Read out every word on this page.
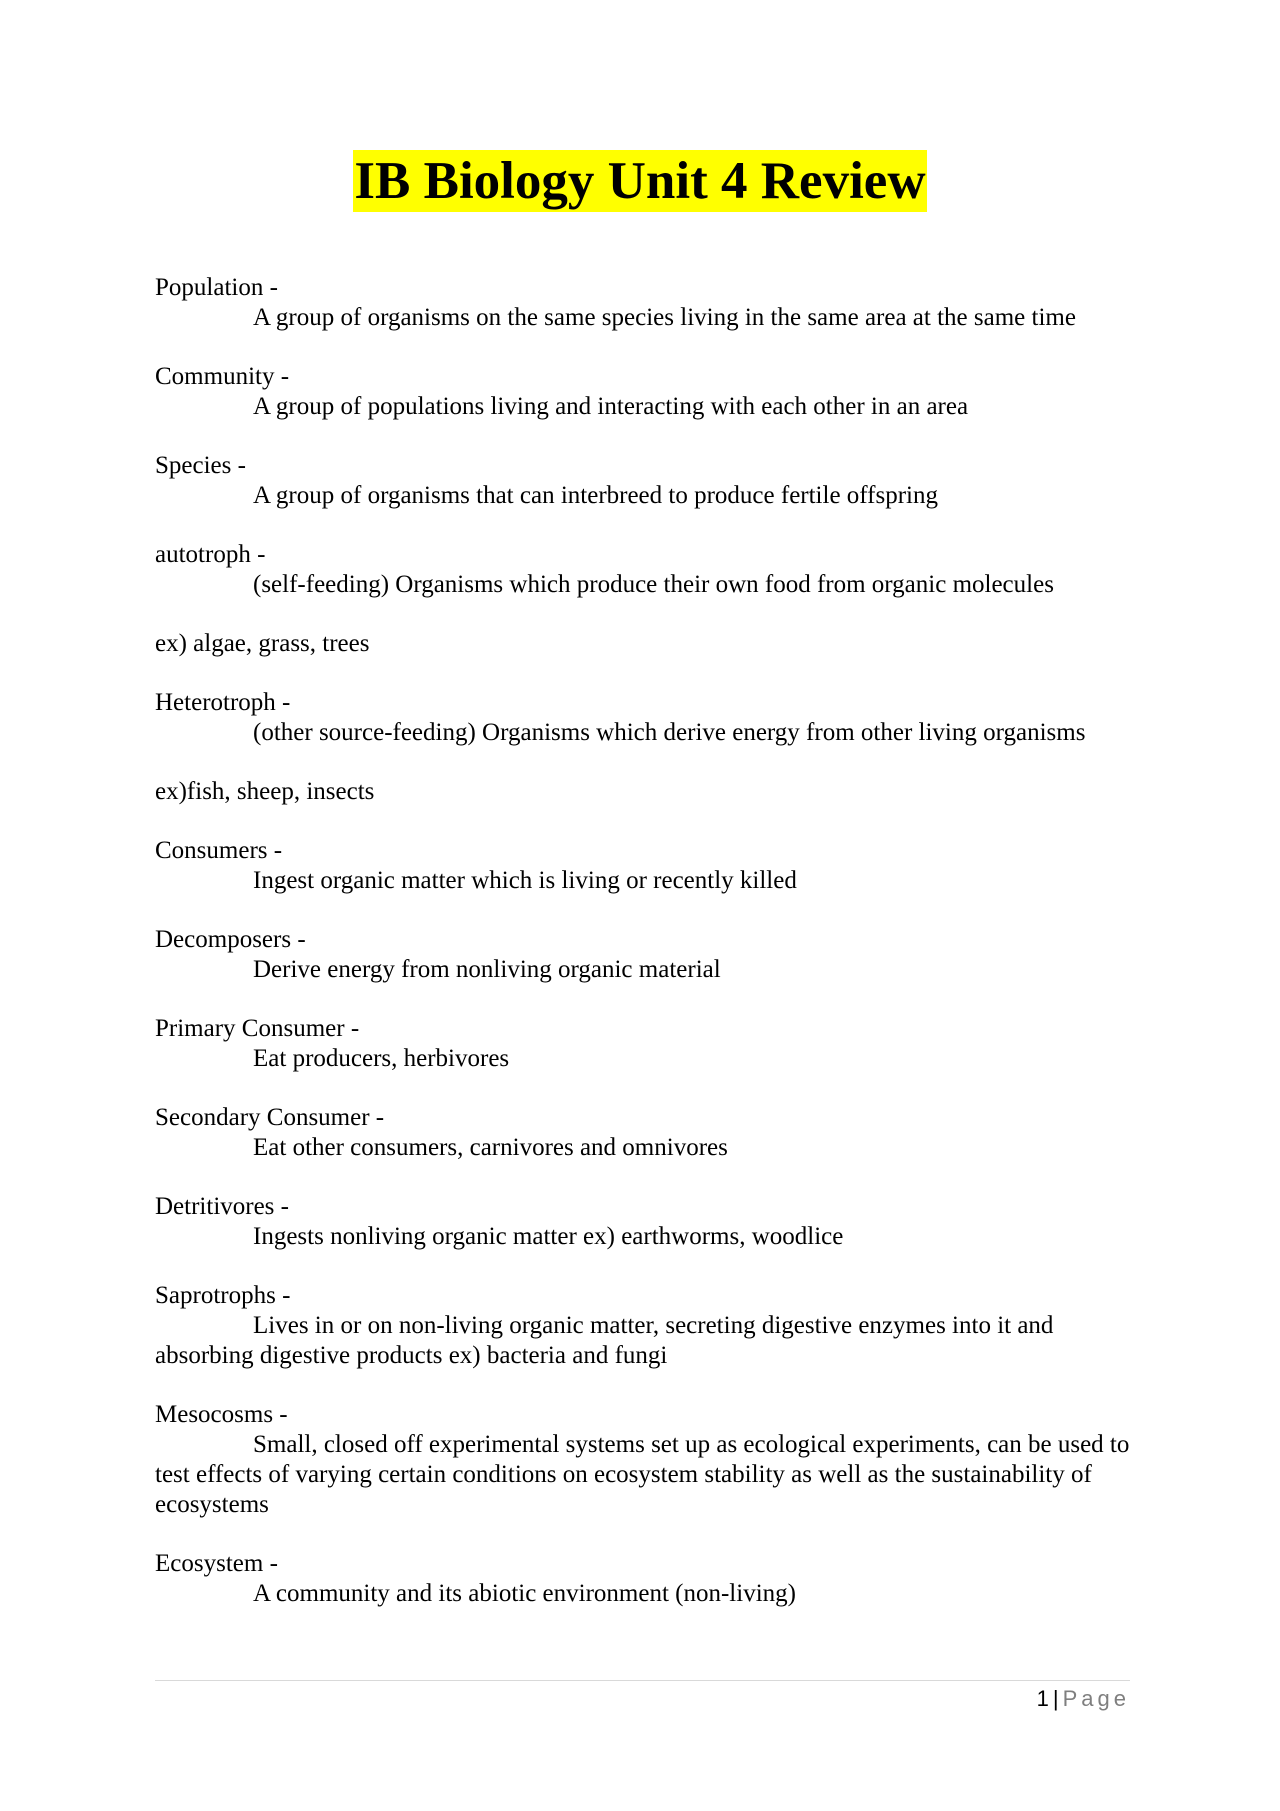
IB Biology Unit 4 Review
Population -
A group of organisms on the same species living in the same area at the same time
Community -
A group of populations living and interacting with each other in an area
Species -
A group of organisms that can interbreed to produce fertile offspring
autotroph -
(self-feeding) Organisms which produce their own food from organic molecules
ex) algae, grass, trees
Heterotroph -
(other source-feeding) Organisms which derive energy from other living organisms
ex)fish, sheep, insects
Consumers -
Ingest organic matter which is living or recently killed
Decomposers -
Derive energy from nonliving organic material
Primary Consumer -
Eat producers, herbivores
Secondary Consumer -
Eat other consumers, carnivores and omnivores
Detritivores -
Ingests nonliving organic matter ex) earthworms, woodlice
Saprotrophs -
Lives in or on non-living organic matter, secreting digestive enzymes into it and absorbing digestive products ex) bacteria and fungi
Mesocosms -
Small, closed off experimental systems set up as ecological experiments, can be used to test effects of varying certain conditions on ecosystem stability as well as the sustainability of ecosystems
Ecosystem -
A community and its abiotic environment (non-living)
1 | Page
